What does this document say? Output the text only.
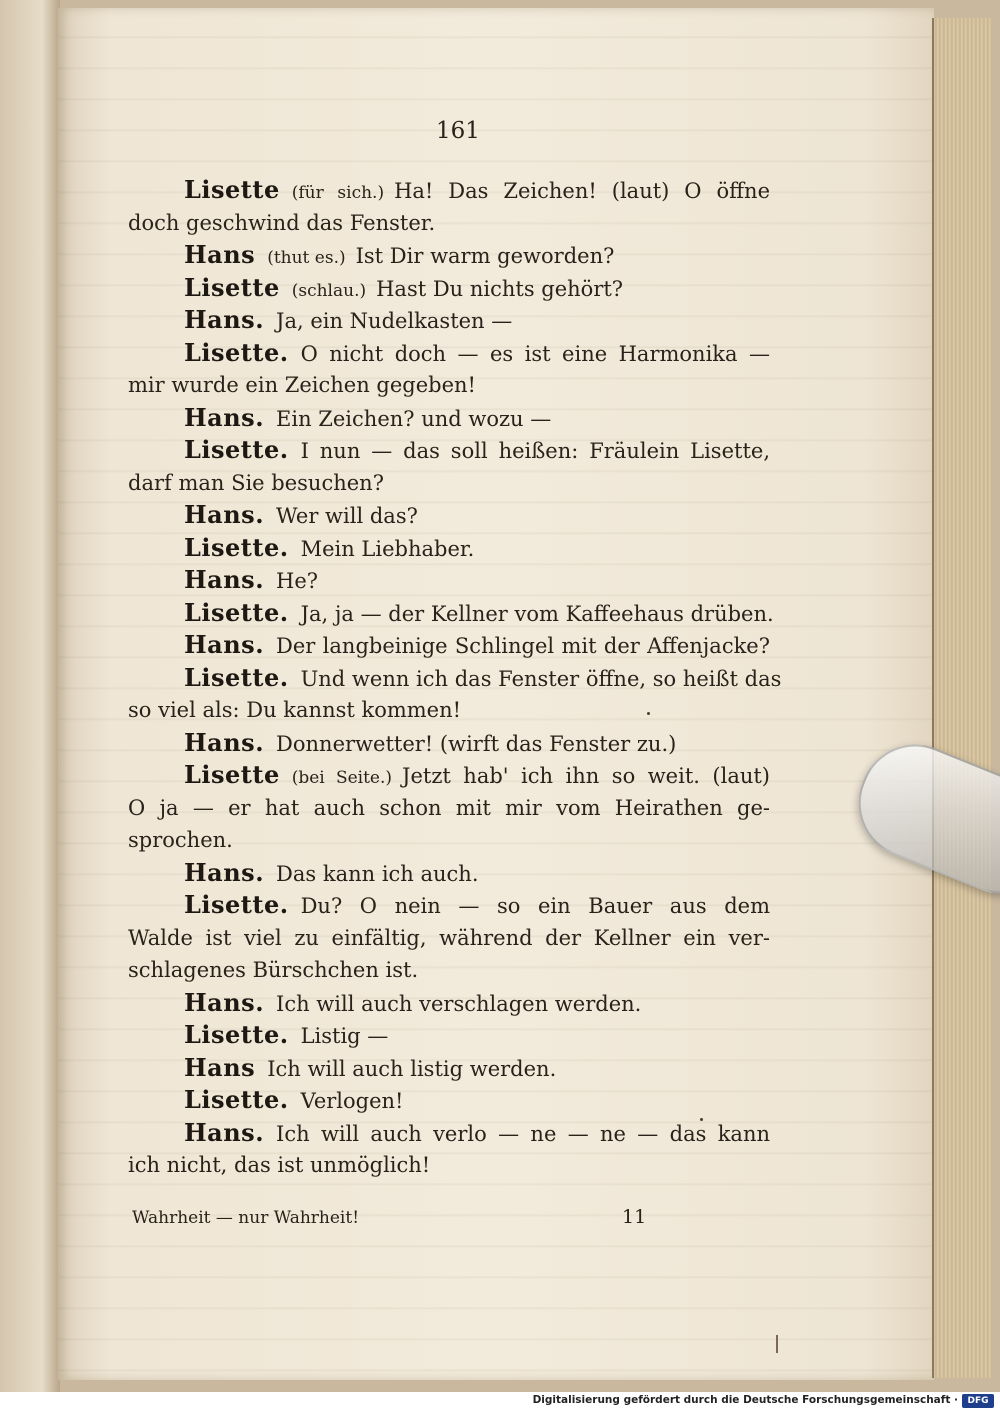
161
Lisette (für sich.) Ha! Das Zeichen! (laut) O öffne
doch geschwind das Fenster.
Hans (thut es.) Ist Dir warm geworden?
Lisette (schlau.) Hast Du nichts gehört?
Hans. Ja, ein Nudelkasten —
Lisette. O nicht doch — es ist eine Harmonika —
mir wurde ein Zeichen gegeben!
Hans. Ein Zeichen? und wozu —
Lisette. I nun — das soll heißen: Fräulein Lisette,
darf man Sie besuchen?
Hans. Wer will das?
Lisette. Mein Liebhaber.
Hans. He?
Lisette. Ja, ja — der Kellner vom Kaffeehaus drüben.
Hans. Der langbeinige Schlingel mit der Affenjacke?
Lisette. Und wenn ich das Fenster öffne, so heißt das
so viel als: Du kannst kommen!
Hans. Donnerwetter! (wirft das Fenster zu.)
Lisette (bei Seite.) Jetzt hab' ich ihn so weit. (laut)
O ja — er hat auch schon mit mir vom Heirathen ge-
sprochen.
Hans. Das kann ich auch.
Lisette. Du? O nein — so ein Bauer aus dem
Walde ist viel zu einfältig, während der Kellner ein ver-
schlagenes Bürschchen ist.
Hans. Ich will auch verschlagen werden.
Lisette. Listig —
Hans Ich will auch listig werden.
Lisette. Verlogen!
Hans. Ich will auch verlo — ne — ne — das kann
ich nicht, das ist unmöglich!
Wahrheit — nur Wahrheit!	11
Digitalisierung gefördert durch die Deutsche Forschungsgemeinschaft ·	DFG
